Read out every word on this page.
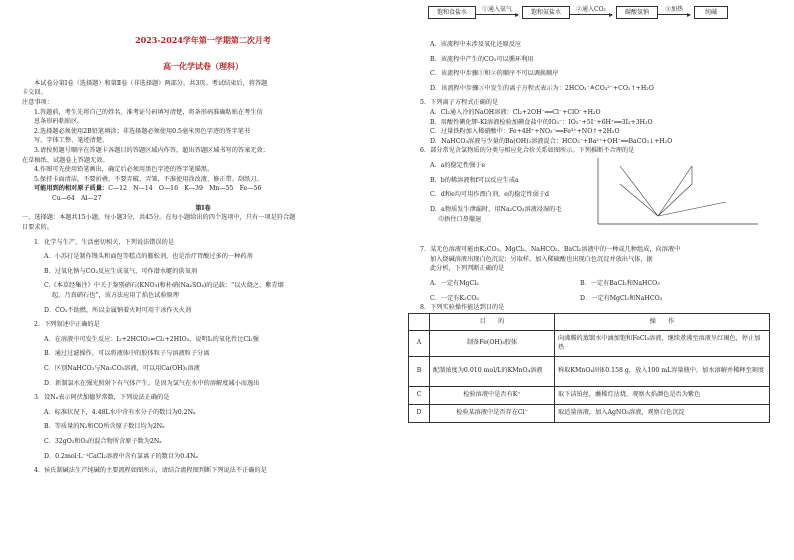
2023-2024学年第一学期第二次月考

高一化学试卷（理科）

本试卷分第Ⅰ卷（选择题）和第Ⅱ卷（非选择题）两部分，共3页。考试结束后，将答题

卡交回。

注意事项：

1.答题前，考生先将自己的姓名、准考证号码填写清楚，将条形码准确粘贴在考生信

息条形码粘贴区。

2.选择题必须使用2B铅笔填涂；非选择题必须使用0.5毫米黑色字迹的签字笔书

写，字体工整、笔迹清楚。

3.请按照题号顺序在答题卡各题目的答题区域内作答，超出答题区域书写的答案无效；

在草稿纸、试题卷上答题无效。

4.作图可先使用铅笔画出，确定后必须用黑色字迹的签字笔描黑。

5.保持卡面清洁，不要折叠，不要弄破、弄皱，不准使用涂改液、修正带、刮纸刀。

可能用到的相对原子质量：C—12　N—14　O—16　K—39　Mn—55　Fe—56

Cu—64　Al—27

第Ⅰ卷

一、选择题：本题共15小题，每小题3分，共45分。在每小题给出的四个选项中，只有一项是符合题

目要求的。

1．化学与生产、生活密切相关，下列说法错误的是

A．小苏打是制作馒头和面包等糕点的膨松剂，也是治疗胃酸过多的一种药剂

B．过氧化钠与CO₂反应生成氧气，可作潜水艇的供氧剂

C.《本草经集注》中关于鉴别硝石(KNO₃)和朴硝(Na₂SO₄)的记载：“以火烧之，紫青烟

起，乃真硝石也”，该方法应用了焰色试验原理

D．CO₂不助燃，所以金属钠着火时可用干冰作灭火剂

2．下列叙述中正确的是

A．在溶液中可发生反应：I₂+2HClO₃=Cl₂+2HIO₃，说明I₂的氧化性比Cl₂强

B．通过过滤操作，可以将液体中的胶体粒子与溶液粒子分离

C．区别NaHCO₃与Na₂CO₃溶液，可以用Ca(OH)₂溶液

D．新制氯水在强光照射下有气体产生，是因为氯气在水中的溶解度减小而逸出

3．设Nₐ表示阿伏加德罗常数，下列说法正确的是

A．标准状况下，4.48L水中含有水分子的数目为0.2Nₐ

B．等质量的N₂和CO所含原子数目均为2Nₐ

C．32gO₂和O₃的混合物所含原子数为2Nₐ

D．0.2mol·L⁻¹CaCl₂溶液中含有氯离子的数目为0.4Nₐ

4．侯氏制碱法生产纯碱的主要流程如图所示，请结合流程图判断下列说法不正确的是

饱和食盐水	①通入氨气	饱和氨盐水	②通入CO₂	碳酸氢钠	③加热	纯碱

A．该流程中未涉及氧化还原反应

B．该流程中产生的CO₂可以循环利用

C．该流程中步骤①和②的顺序不可以调换顺序

D．该流程中步骤③中发生的离子方程式表示为：2HCO₃⁻≜CO₃²⁻+CO₂↑+H₂O

5．下列离子方程式正确的是

A．Cl₂通入冷的NaOH溶液：Cl₂+2OH⁻══Cl⁻+ClO⁻+H₂O

B．用酸性碘化钾-KI溶液检验加碘食盐中的IO₃⁻：IO₃⁻+5I⁻+6H⁺══3I₂+3H₂O

C．过量铁粉加入稀硝酸中：Fe+4H⁺+NO₃⁻══Fe³⁺+NO↑+2H₂O

D．NaHCO₃溶液与少量的Ba(OH)₂溶液混合：HCO₃⁻+Ba²⁺+OH⁻══BaCO₃↓+H₂O

6．部分常见含氯物质的分类与相应化合价关系如图所示。下列推断不合理的是

A．a的稳定性强于e

B．b的稀溶液和f可以反应生成a

C．d和e均可用作漂白剂，e的稳定性弱于d

D．a物质发生泄漏时，用Na₂CO₃溶液浸湿的毛

巾捂住口鼻撤退

7．某无色溶液可能由K₂CO₃、MgCl₂、NaHCO₃、BaCl₂溶液中的一种或几种组成，向溶液中

加入烧碱溶液出现白色沉淀；另取样，加入稀硫酸也出现白色沉淀并放出气体，据

此分析，下列判断正确的是

A．一定有MgCl₂	B．一定有BaCl₂和NaHCO₃

C．一定有K₂CO₃	D．一定有MgCl₂和NaHCO₃

8．下列实验操作能达到目的是

	目　　的	操　　作
A	制备Fe(OH)₃胶体	向沸腾的蒸馏水中滴加饱和FeCl₃溶液，继续煮沸至溶液呈红褐色，停止加热
B	配制浓度为0.010 mol/L的KMnO₄溶液	称取KMnO₄固体0.158 g，放入100 mL容量瓶中，加水溶解并稀释至刻度
C	检验溶液中是否有K⁺	取下洁铂丝，蘸稀灯沾烧，观察火焰颜色是否为紫色
D	检验某溶液中是否存在Cl⁻	取适量溶液，加入AgNO₃溶液，观察白色沉淀
